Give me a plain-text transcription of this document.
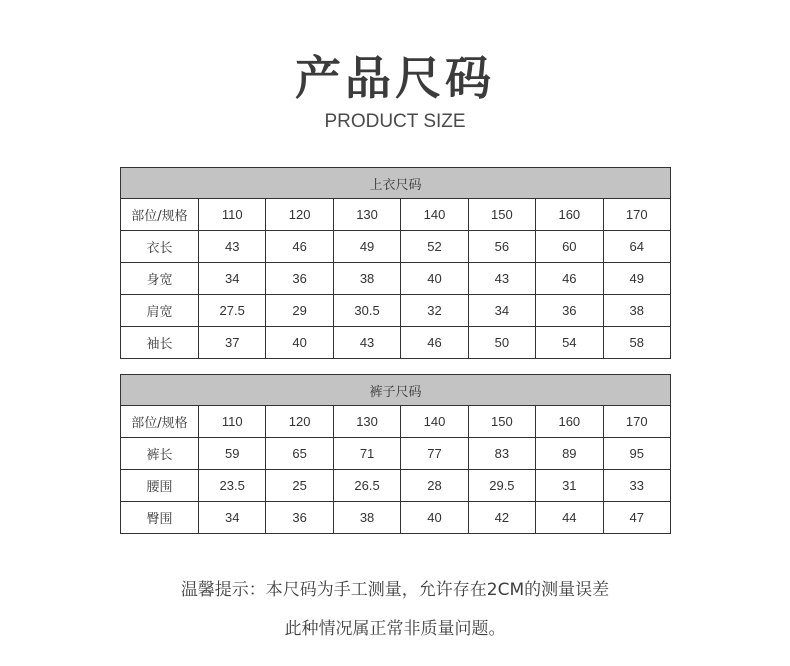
产品尺码
PRODUCT SIZE
上衣尺码							
部位/规格	110	120	130	140	150	160	170
衣长	43	46	49	52	56	60	64
身宽	34	36	38	40	43	46	49
肩宽	27.5	29	30.5	32	34	36	38
袖长	37	40	43	46	50	54	58
裤子尺码							
部位/规格	110	120	130	140	150	160	170
裤长	59	65	71	77	83	89	95
腰围	23.5	25	26.5	28	29.5	31	33
臀围	34	36	38	40	42	44	47
温馨提示：本尺码为手工测量，允许存在2CM的测量误差
此种情况属正常非质量问题。
